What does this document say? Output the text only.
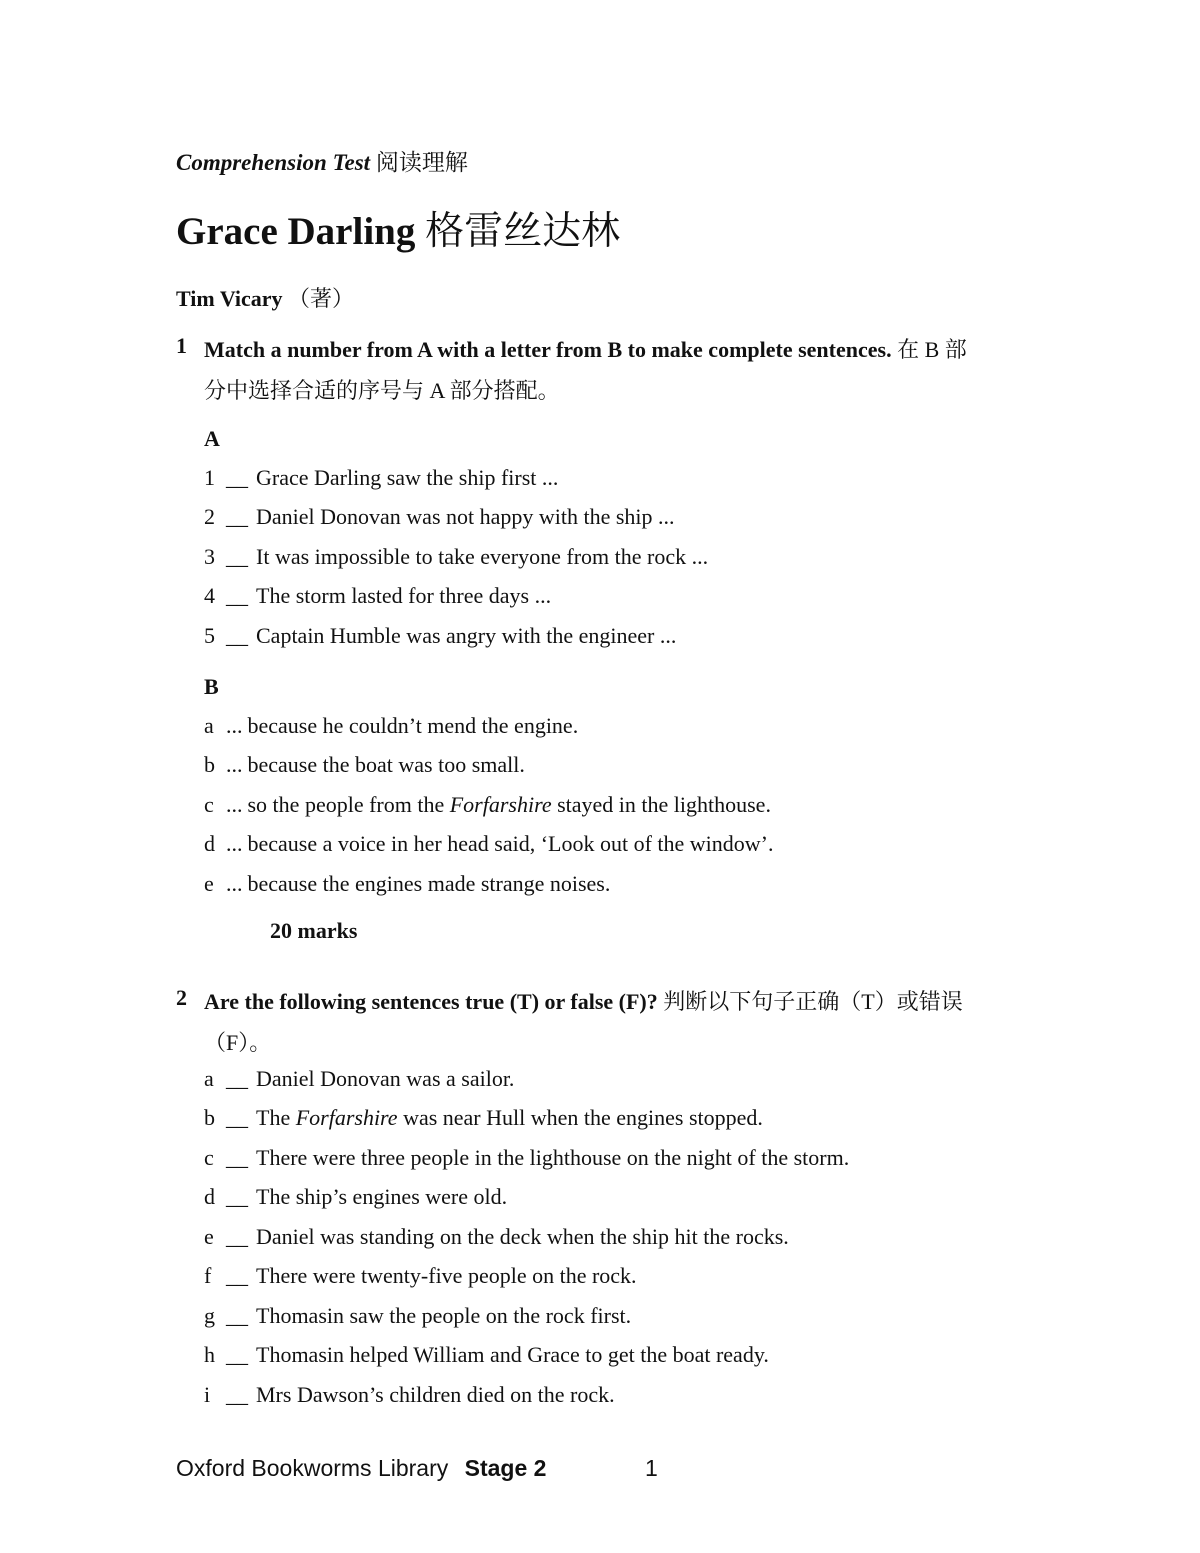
Comprehension Test 阅读理解
Grace Darling 格雷丝达林
Tim Vicary （著）
1 Match a number from A with a letter from B to make complete sentences. 在 B 部
分中选择合适的序号与 A 部分搭配。
A
1 __ Grace Darling saw the ship first ...
2 __ Daniel Donovan was not happy with the ship ...
3 __ It was impossible to take everyone from the rock ...
4 __ The storm lasted for three days ...
5 __ Captain Humble was angry with the engineer ...
B
a ... because he couldn’t mend the engine.
b ... because the boat was too small.
c ... so the people from the Forfarshire stayed in the lighthouse.
d ... because a voice in her head said, ‘Look out of the window’.
e ... because the engines made strange noises.
20 marks
2 Are the following sentences true (T) or false (F)? 判断以下句子正确（T）或错误
（F）。
a __ Daniel Donovan was a sailor.
b __ The Forfarshire was near Hull when the engines stopped.
c __ There were three people in the lighthouse on the night of the storm.
d __ The ship’s engines were old.
e __ Daniel was standing on the deck when the ship hit the rocks.
f __ There were twenty-five people on the rock.
g __ Thomasin saw the people on the rock first.
h __ Thomasin helped William and Grace to get the boat ready.
i __ Mrs Dawson’s children died on the rock.
Oxford Bookworms Library Stage 2	1
